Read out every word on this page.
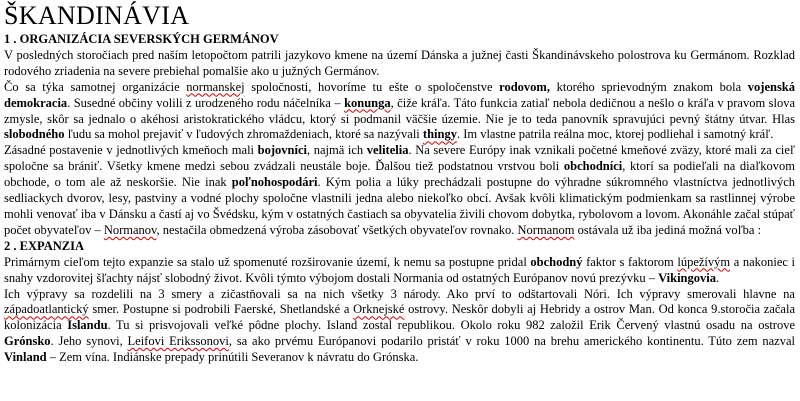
ŠKANDINÁVIA
1 . ORGANIZÁCIA SEVERSKÝCH GERMÁNOV

V posledných storočiach pred naším letopočtom patrili jazykovo kmene na území Dánska a južnej časti Škandinávskeho polostrova ku Germánom. Rozklad rodového zriadenia na severe prebiehal pomalšie ako u južných Germánov.

Čo sa týka samotnej organizácie normanskej spoločnosti, hovoríme tu ešte o spoločenstve rodovom, ktorého sprievodným znakom bola vojenská demokracia. Susedné občiny volili z urodzeného rodu náčelníka – konunga, čiže kráľa. Táto funkcia zatiaľ nebola dedičnou a nešlo o kráľa v pravom slova zmysle, skôr sa jednalo o akéhosi aristokratického vládcu, ktorý si podmanil väčšie územie. Nie je to teda panovník spravujúci pevný štátny útvar. Hlas slobodného ľudu sa mohol prejaviť v ľudových zhromaždeniach, ktoré sa nazývali thingy. Im vlastne patrila reálna moc, ktorej podliehal i samotný kráľ.

Zásadné postavenie v jednotlivých kmeňoch mali bojovníci, najmä ich velitelia. Na severe Európy inak vznikali početné kmeňové zväzy, ktoré mali za cieľ spoločne sa brániť. Všetky kmene medzi sebou zvádzali neustále boje. Ďalšou tiež podstatnou vrstvou boli obchodníci, ktorí sa podieľali na diaľkovom obchode, o tom ale až neskoršie. Nie inak poľnohospodári. Kým polia a lúky prechádzali postupne do výhradne súkromného vlastníctva jednotlivých sedliackych dvorov, lesy, pastviny a vodné plochy spoločne vlastnili jedna alebo niekoľko obcí. Avšak kvôli klimatickým podmienkam sa rastlinnej výrobe mohli venovať iba v Dánsku a častí aj vo Švédsku, kým v ostatných častiach sa obyvatelia živili chovom dobytka, rybolovom a lovom. Akonáhle začal stúpať počet obyvateľov – Normanov, nestačila obmedzená výroba zásobovať všetkých obyvateľov rovnako. Normanom ostávala už iba jediná možná voľba :

2 . EXPANZIA

Primárnym cieľom tejto expanzie sa stalo už spomenuté rozširovanie území, k nemu sa postupne pridal obchodný faktor s faktorom lúpežívým a nakoniec i snahy vzdorovitej šľachty nájsť slobodný život. Kvôli týmto výbojom dostali Normania od ostatných Európanov novú prezývku – Vikingovia.

Ich výpravy sa rozdelili na 3 smery a zičastňovali sa na nich všetky 3 národy. Ako prví to odštartovali Nóri. Ich výpravy smerovali hlavne na západoatlantický smer. Postupne si podrobili Faerské, Shetlandské a Orknejské ostrovy. Neskôr dobyli aj Hebridy a ostrov Man. Od konca 9.storočia začala kolonizácia Islandu. Tu si prisvojovali veľké pôdne plochy. Island zostal republikou. Okolo roku 982 založil Erik Červený vlastnú osadu na ostrove Grónsko. Jeho synovi, Leifovi Erikssonovi, sa ako prvému Európanovi podarilo pristáť v roku 1000 na brehu amerického kontinentu. Túto zem nazval Vinland – Zem vína. Indiánske prepady prinútili Severanov k návratu do Grónska.
